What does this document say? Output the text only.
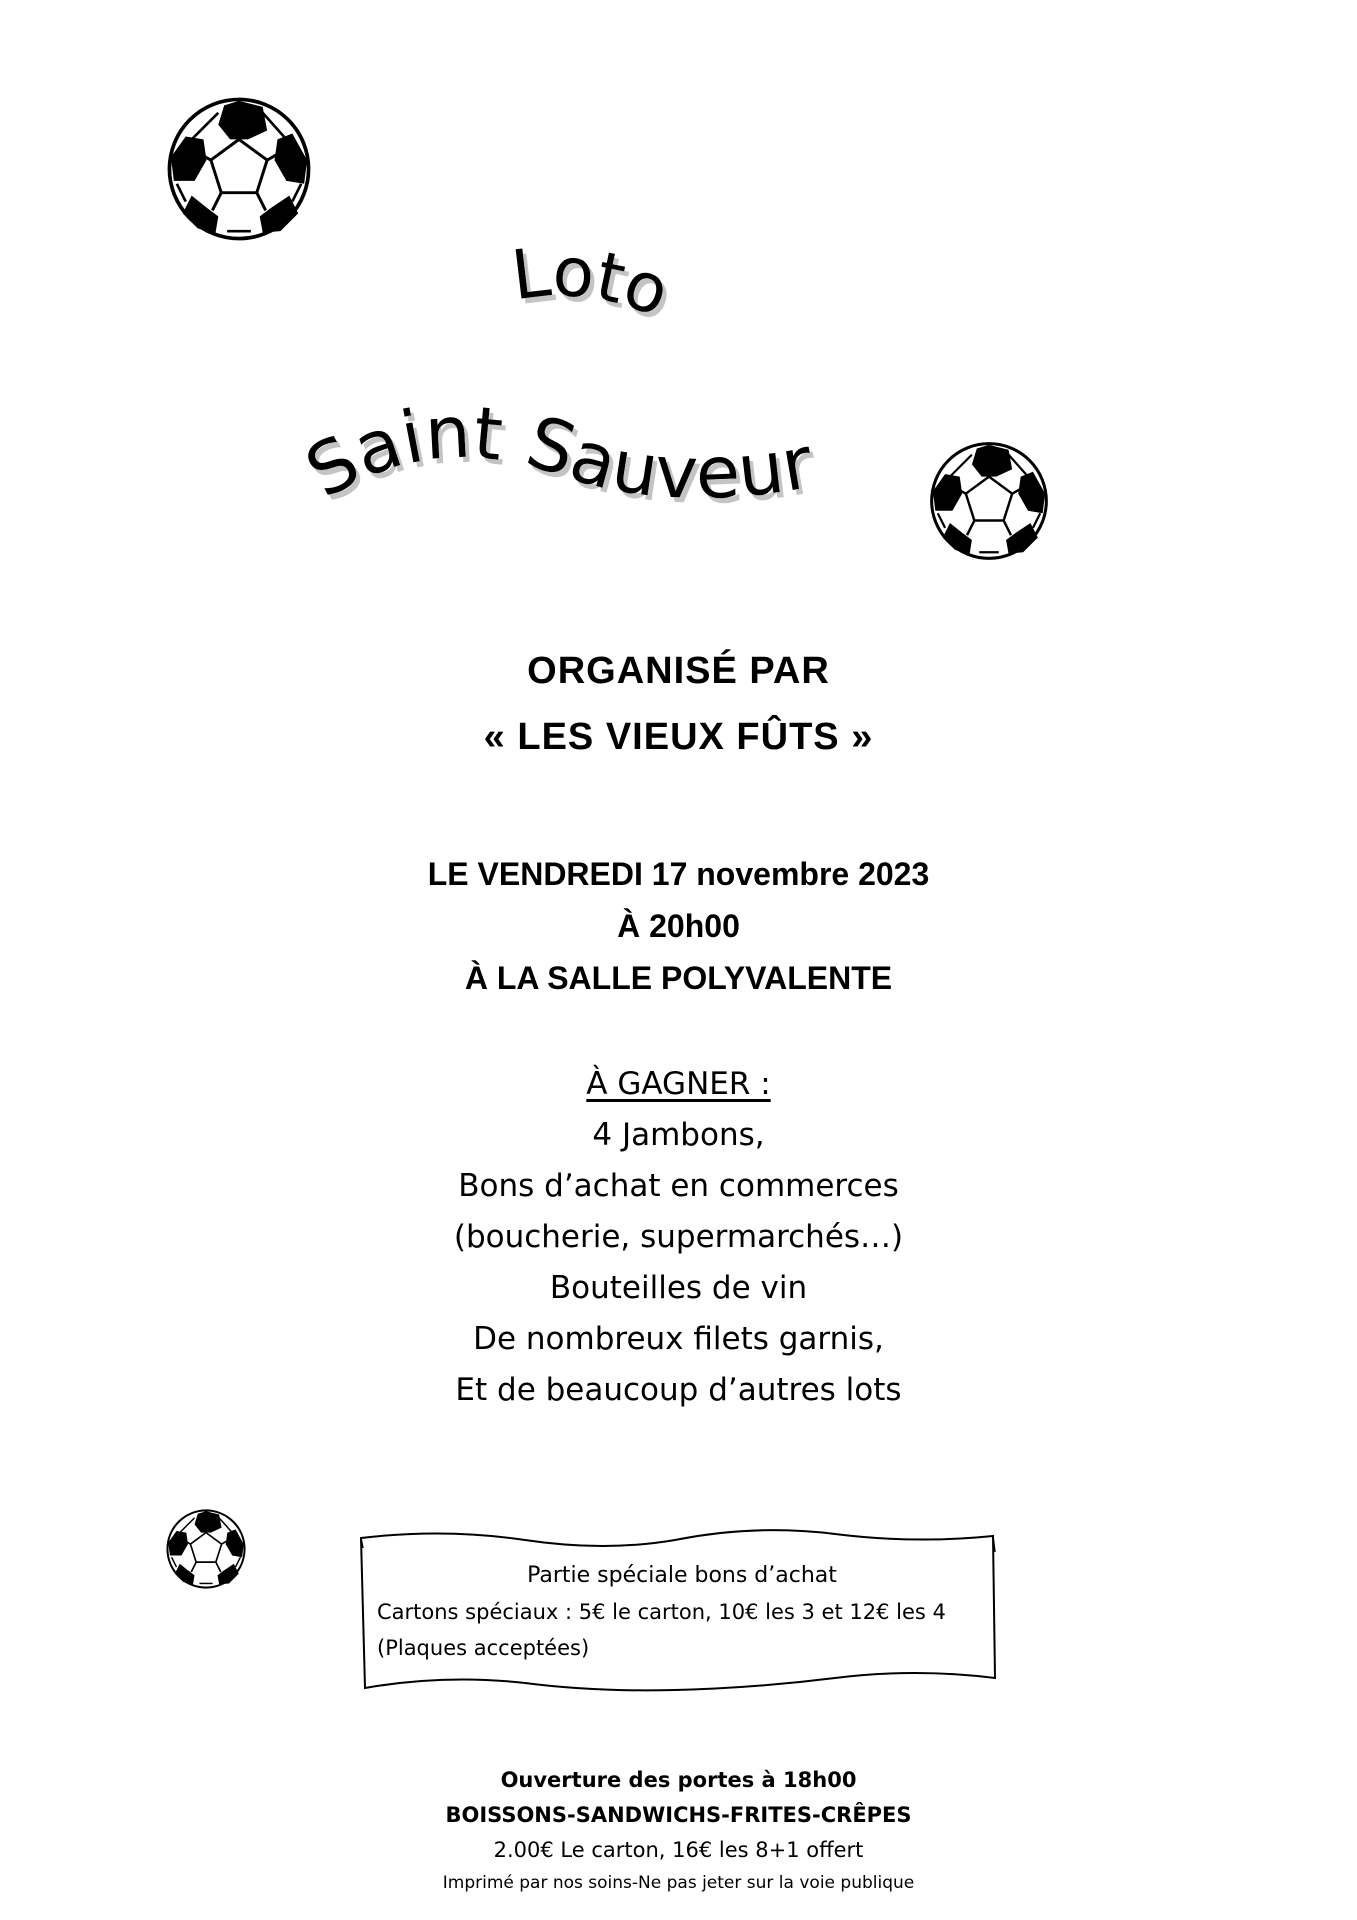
Loto
Saint Sauveur
ORGANISÉ PAR
« LES VIEUX FÛTS »
LE VENDREDI 17 novembre 2023
À 20h00
À LA SALLE POLYVALENTE
À GAGNER :
4 Jambons,
Bons d’achat en commerces
(boucherie, supermarchés…)
Bouteilles de vin
De nombreux filets garnis,
Et de beaucoup d’autres lots
Partie spéciale bons d’achat
Cartons spéciaux : 5€ le carton, 10€ les 3 et 12€ les 4
(Plaques acceptées)
Ouverture des portes à 18h00
BOISSONS-SANDWICHS-FRITES-CRÊPES
2.00€ Le carton, 16€ les 8+1 offert
Imprimé par nos soins-Ne pas jeter sur la voie publique
